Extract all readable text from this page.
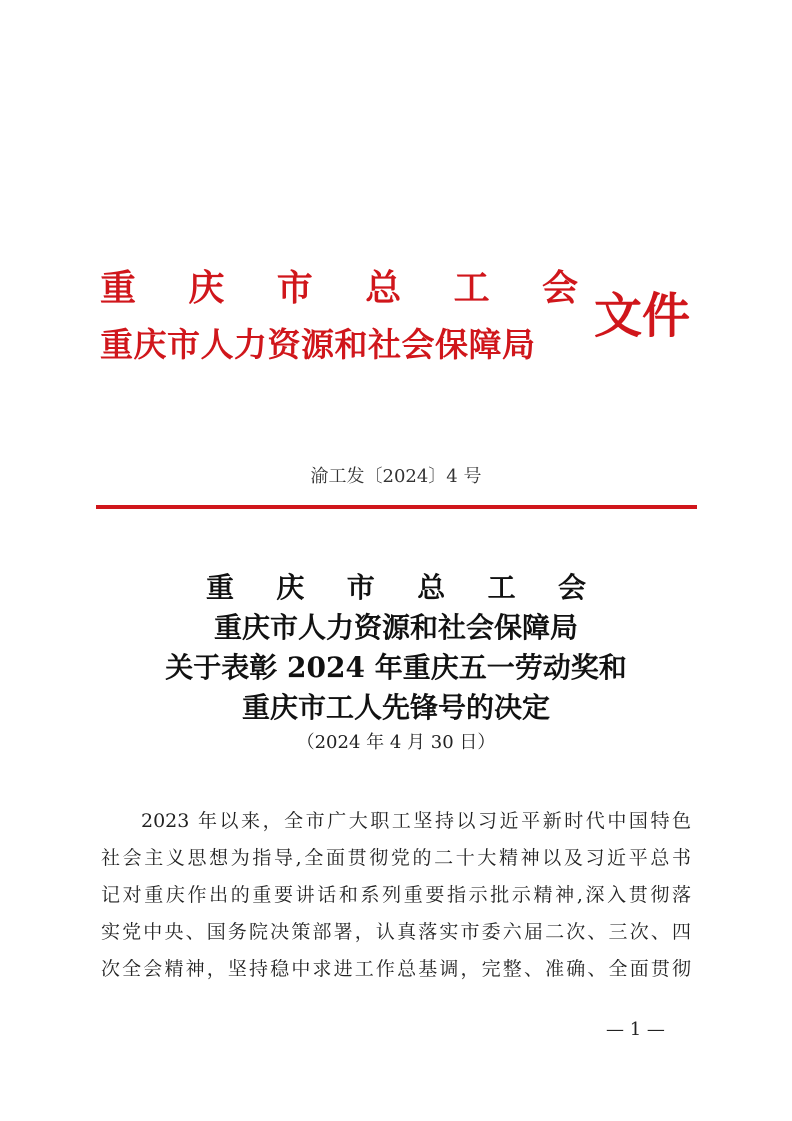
重庆市总工会
重庆市人力资源和社会保障局
文件
渝工发〔2024〕4 号
重庆市总工会
重庆市人力资源和社会保障局
关于表彰 2024 年重庆五一劳动奖和
重庆市工人先锋号的决定
（2024 年 4 月 30 日）
2023 年以来，全市广大职工坚持以习近平新时代中国特色
社会主义思想为指导,全面贯彻党的二十大精神以及习近平总书
记对重庆作出的重要讲话和系列重要指示批示精神,深入贯彻落
实党中央、国务院决策部署，认真落实市委六届二次、三次、四
次全会精神，坚持稳中求进工作总基调，完整、准确、全面贯彻
— 1 —
